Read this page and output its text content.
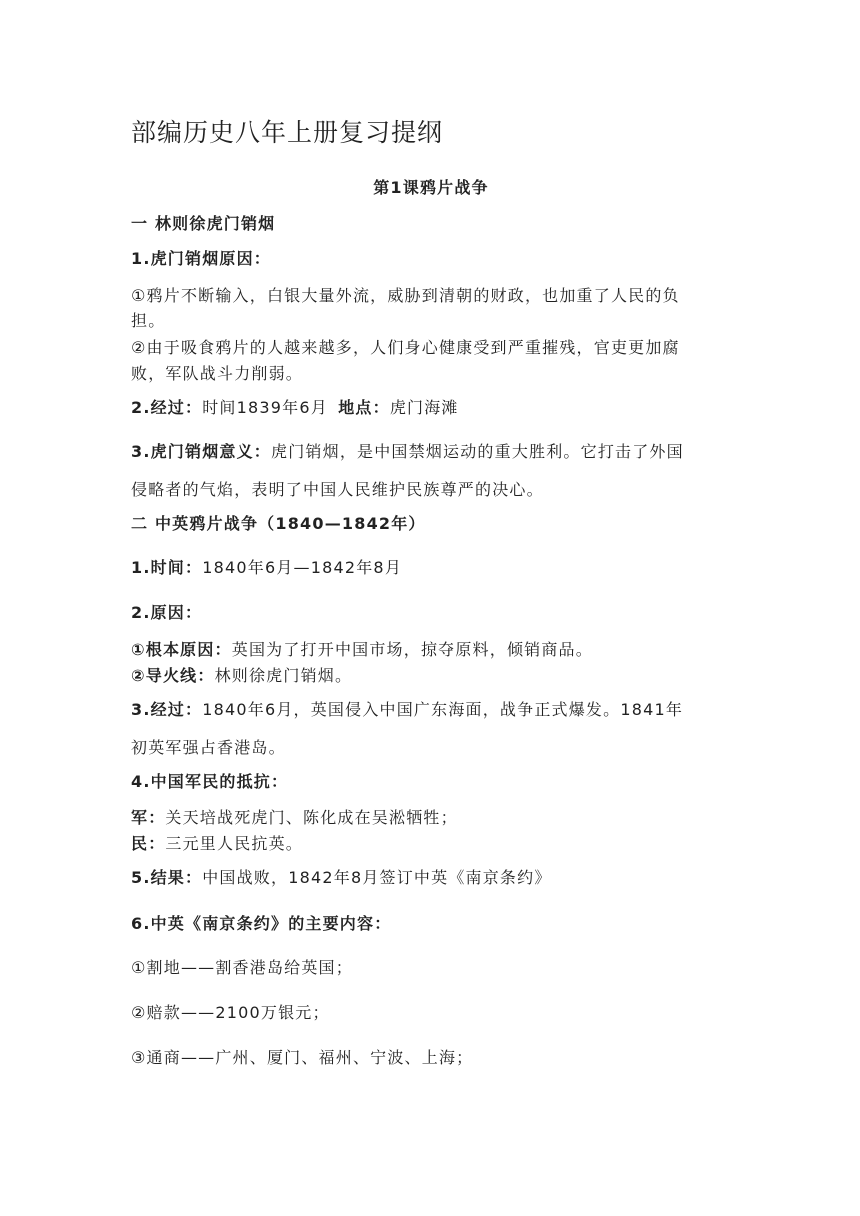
部编历史八年上册复习提纲
第1课鸦片战争
一 林则徐虎门销烟
1.虎门销烟原因：
①鸦片不断输入，白银大量外流，威胁到清朝的财政，也加重了人民的负
担。
②由于吸食鸦片的人越来越多，人们身心健康受到严重摧残，官吏更加腐
败，军队战斗力削弱。
2.经过：时间1839年6月 地点：虎门海滩
3.虎门销烟意义：虎门销烟，是中国禁烟运动的重大胜利。它打击了外国
侵略者的气焰，表明了中国人民维护民族尊严的决心。
二 中英鸦片战争（1840—1842年）
1.时间：1840年6月—1842年8月
2.原因：
①根本原因：英国为了打开中国市场，掠夺原料，倾销商品。
②导火线：林则徐虎门销烟。
3.经过：1840年6月，英国侵入中国广东海面，战争正式爆发。1841年
初英军强占香港岛。
4.中国军民的抵抗：
军：关天培战死虎门、陈化成在吴淞牺牲；
民：三元里人民抗英。
5.结果：中国战败，1842年8月签订中英《南京条约》
6.中英《南京条约》的主要内容：
①割地——割香港岛给英国；
②赔款——2100万银元；
③通商——广州、厦门、福州、宁波、上海；
